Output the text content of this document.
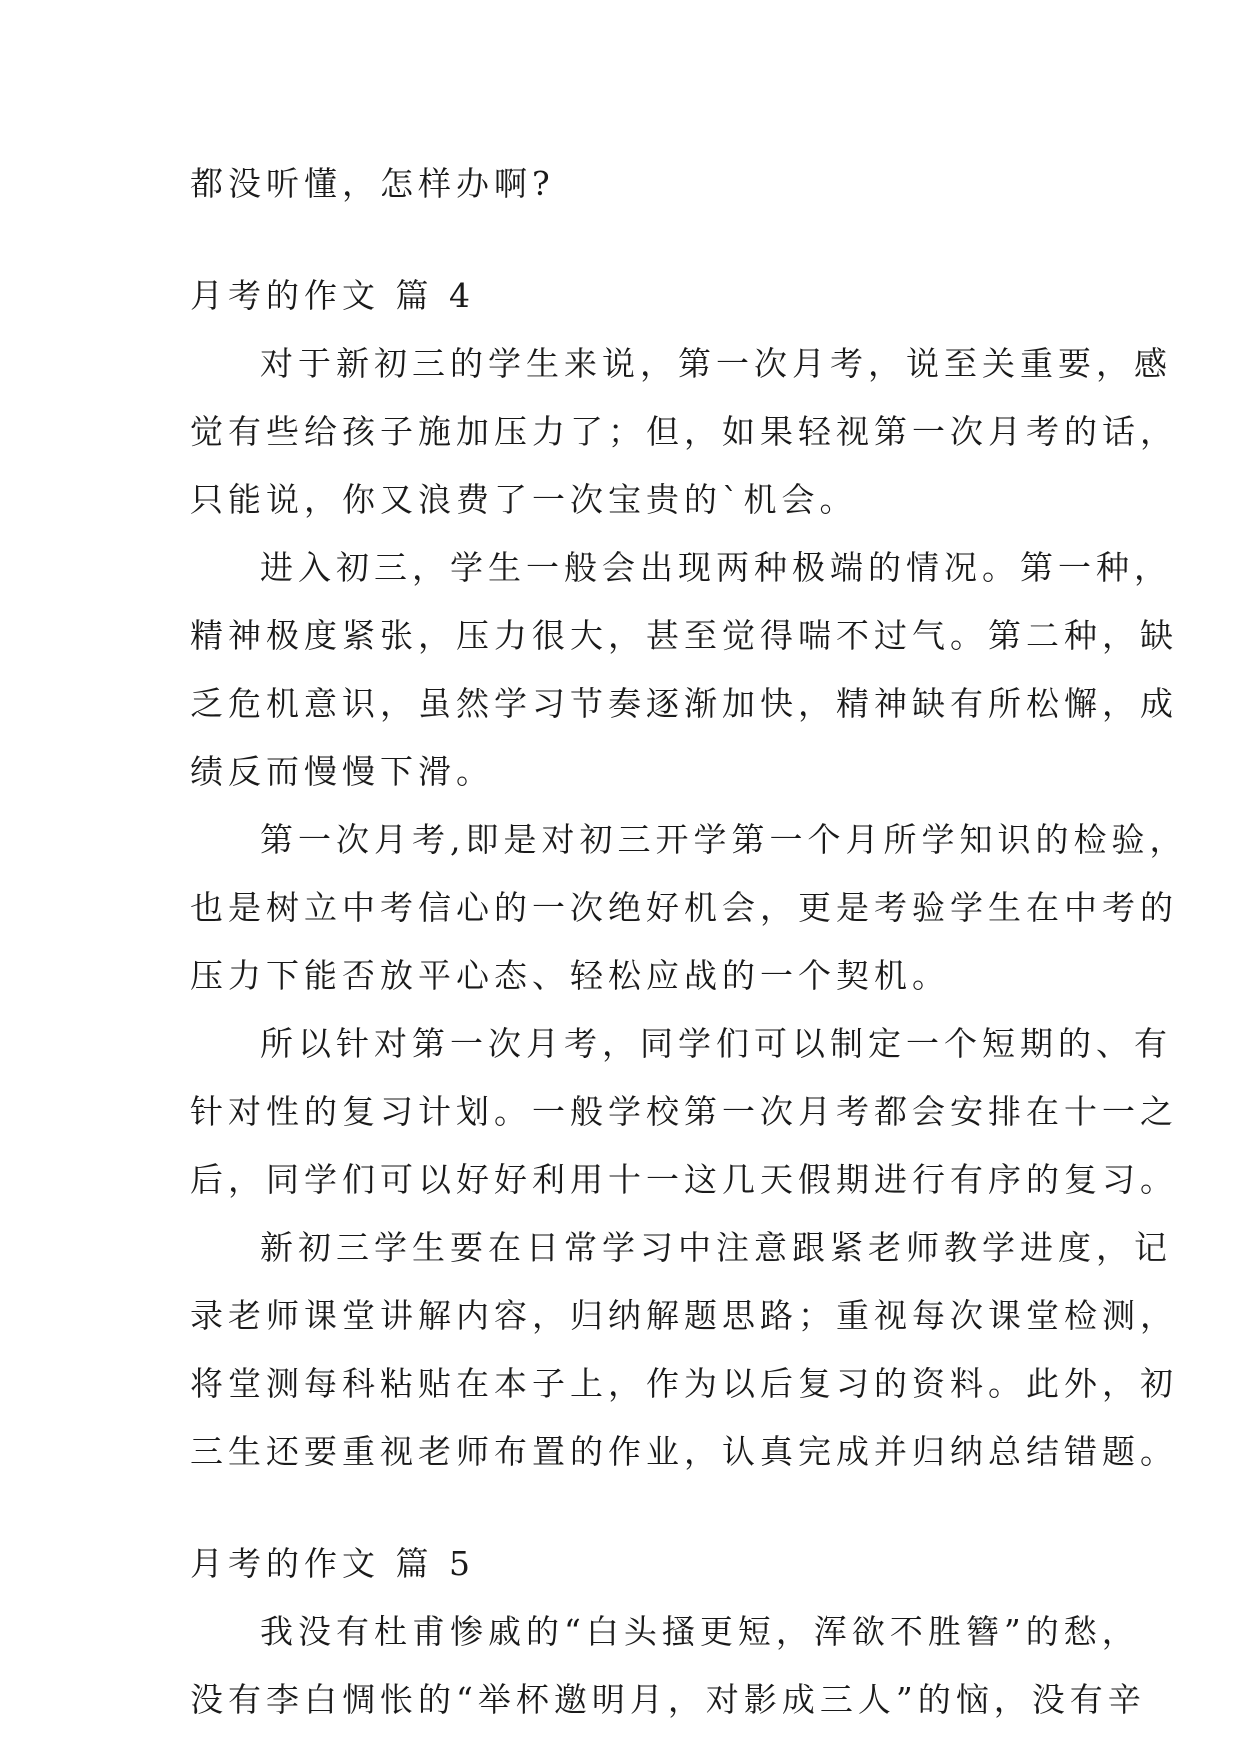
都没听懂，怎样办啊?

月考的作文 篇 4

对于新初三的学生来说，第一次月考，说至关重要，感

觉有些给孩子施加压力了；但，如果轻视第一次月考的话，

只能说，你又浪费了一次宝贵的`机会。

进入初三，学生一般会出现两种极端的情况。第一种，

精神极度紧张，压力很大，甚至觉得喘不过气。第二种，缺

乏危机意识，虽然学习节奏逐渐加快，精神缺有所松懈，成

绩反而慢慢下滑。

第一次月考,即是对初三开学第一个月所学知识的检验，

也是树立中考信心的一次绝好机会，更是考验学生在中考的

压力下能否放平心态、轻松应战的一个契机。

所以针对第一次月考，同学们可以制定一个短期的、有

针对性的复习计划。一般学校第一次月考都会安排在十一之

后，同学们可以好好利用十一这几天假期进行有序的复习。

新初三学生要在日常学习中注意跟紧老师教学进度，记

录老师课堂讲解内容，归纳解题思路；重视每次课堂检测，

将堂测每科粘贴在本子上，作为以后复习的资料。此外，初

三生还要重视老师布置的作业，认真完成并归纳总结错题。

月考的作文 篇 5

我没有杜甫惨戚的“白头搔更短，浑欲不胜簪”的愁，

没有李白惆怅的“举杯邀明月，对影成三人”的恼，没有辛
